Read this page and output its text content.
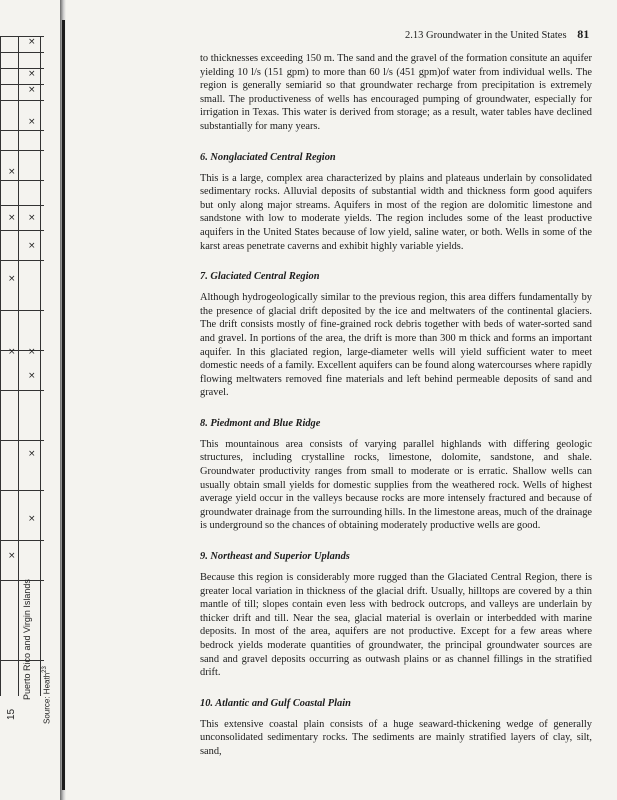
×
×
×
×
×
× ×
×
×
× ×
×
×
×
×
15
Puerto Rico and Virgin Islands Source: Heath$^{23}$
2.13 Groundwater in the United States 81

to thicknesses exceeding 150 m. The sand and the gravel of the formation consitute an aquifer yielding 10 l/s (151 gpm) to more than 60 l/s (451 gpm)of water from individual wells. The region is generally semiarid so that groundwater recharge from precipitation is extremely small. The productiveness of wells has encouraged pumping of groundwater, especially for irrigation in Texas. This water is derived from storage; as a result, water tables have declined substantially for many years.

6. Nonglaciated Central Region

This is a large, complex area characterized by plains and plateaus underlain by consolidated sedimentary rocks. Alluvial deposits of substantial width and thickness form good aquifers but only along major streams. Aquifers in most of the region are dolomitic limestone and sandstone with low to moderate yields. The region includes some of the least productive aquifers in the United States because of low yield, saline water, or both. Wells in some of the karst areas penetrate caverns and exhibit highly variable yields.

7. Glaciated Central Region

Although hydrogeologically similar to the previous region, this area differs fundamentally by the presence of glacial drift deposited by the ice and meltwaters of the continental glaciers. The drift consists mostly of fine-grained rock debris together with beds of water-sorted sand and gravel. In portions of the area, the drift is more than 300 m thick and forms an important aquifer. In this glaciated region, large-diameter wells will yield sufficient water to meet domestic needs of a family. Excellent aquifers can be found along watercourses where rapidly flowing meltwaters removed fine materials and left behind permeable deposits of sand and gravel.

8. Piedmont and Blue Ridge

This mountainous area consists of varying parallel highlands with differing geologic structures, including crystalline rocks, limestone, dolomite, sandstone, and shale. Groundwater productivity ranges from small to moderate or is erratic. Shallow wells can usually obtain small yields for domestic supplies from the weathered rock. Wells of highest average yield occur in the valleys because rocks are more intensely fractured and because of groundwater drainage from the surrounding hills. In the limestone areas, much of the drainage is underground so the chances of obtaining moderately productive wells are good.

9. Northeast and Superior Uplands

Because this region is considerably more rugged than the Glaciated Central Region, there is greater local variation in thickness of the glacial drift. Usually, hilltops are covered by a thin mantle of till; slopes contain even less with bedrock outcrops, and valleys are underlain by thicker drift and till. Near the sea, glacial material is overlain or interbedded with marine deposits. In most of the area, aquifers are not productive. Except for a few areas where bedrock yields moderate quantities of groundwater, the principal groundwater sources are sand and gravel deposits occurring as outwash plains or as channel fillings in the stratified drift.

10. Atlantic and Gulf Coastal Plain

This extensive coastal plain consists of a huge seaward-thickening wedge of generally unconsolidated sedimentary rocks. The sediments are mainly stratified layers of clay, silt, sand,
